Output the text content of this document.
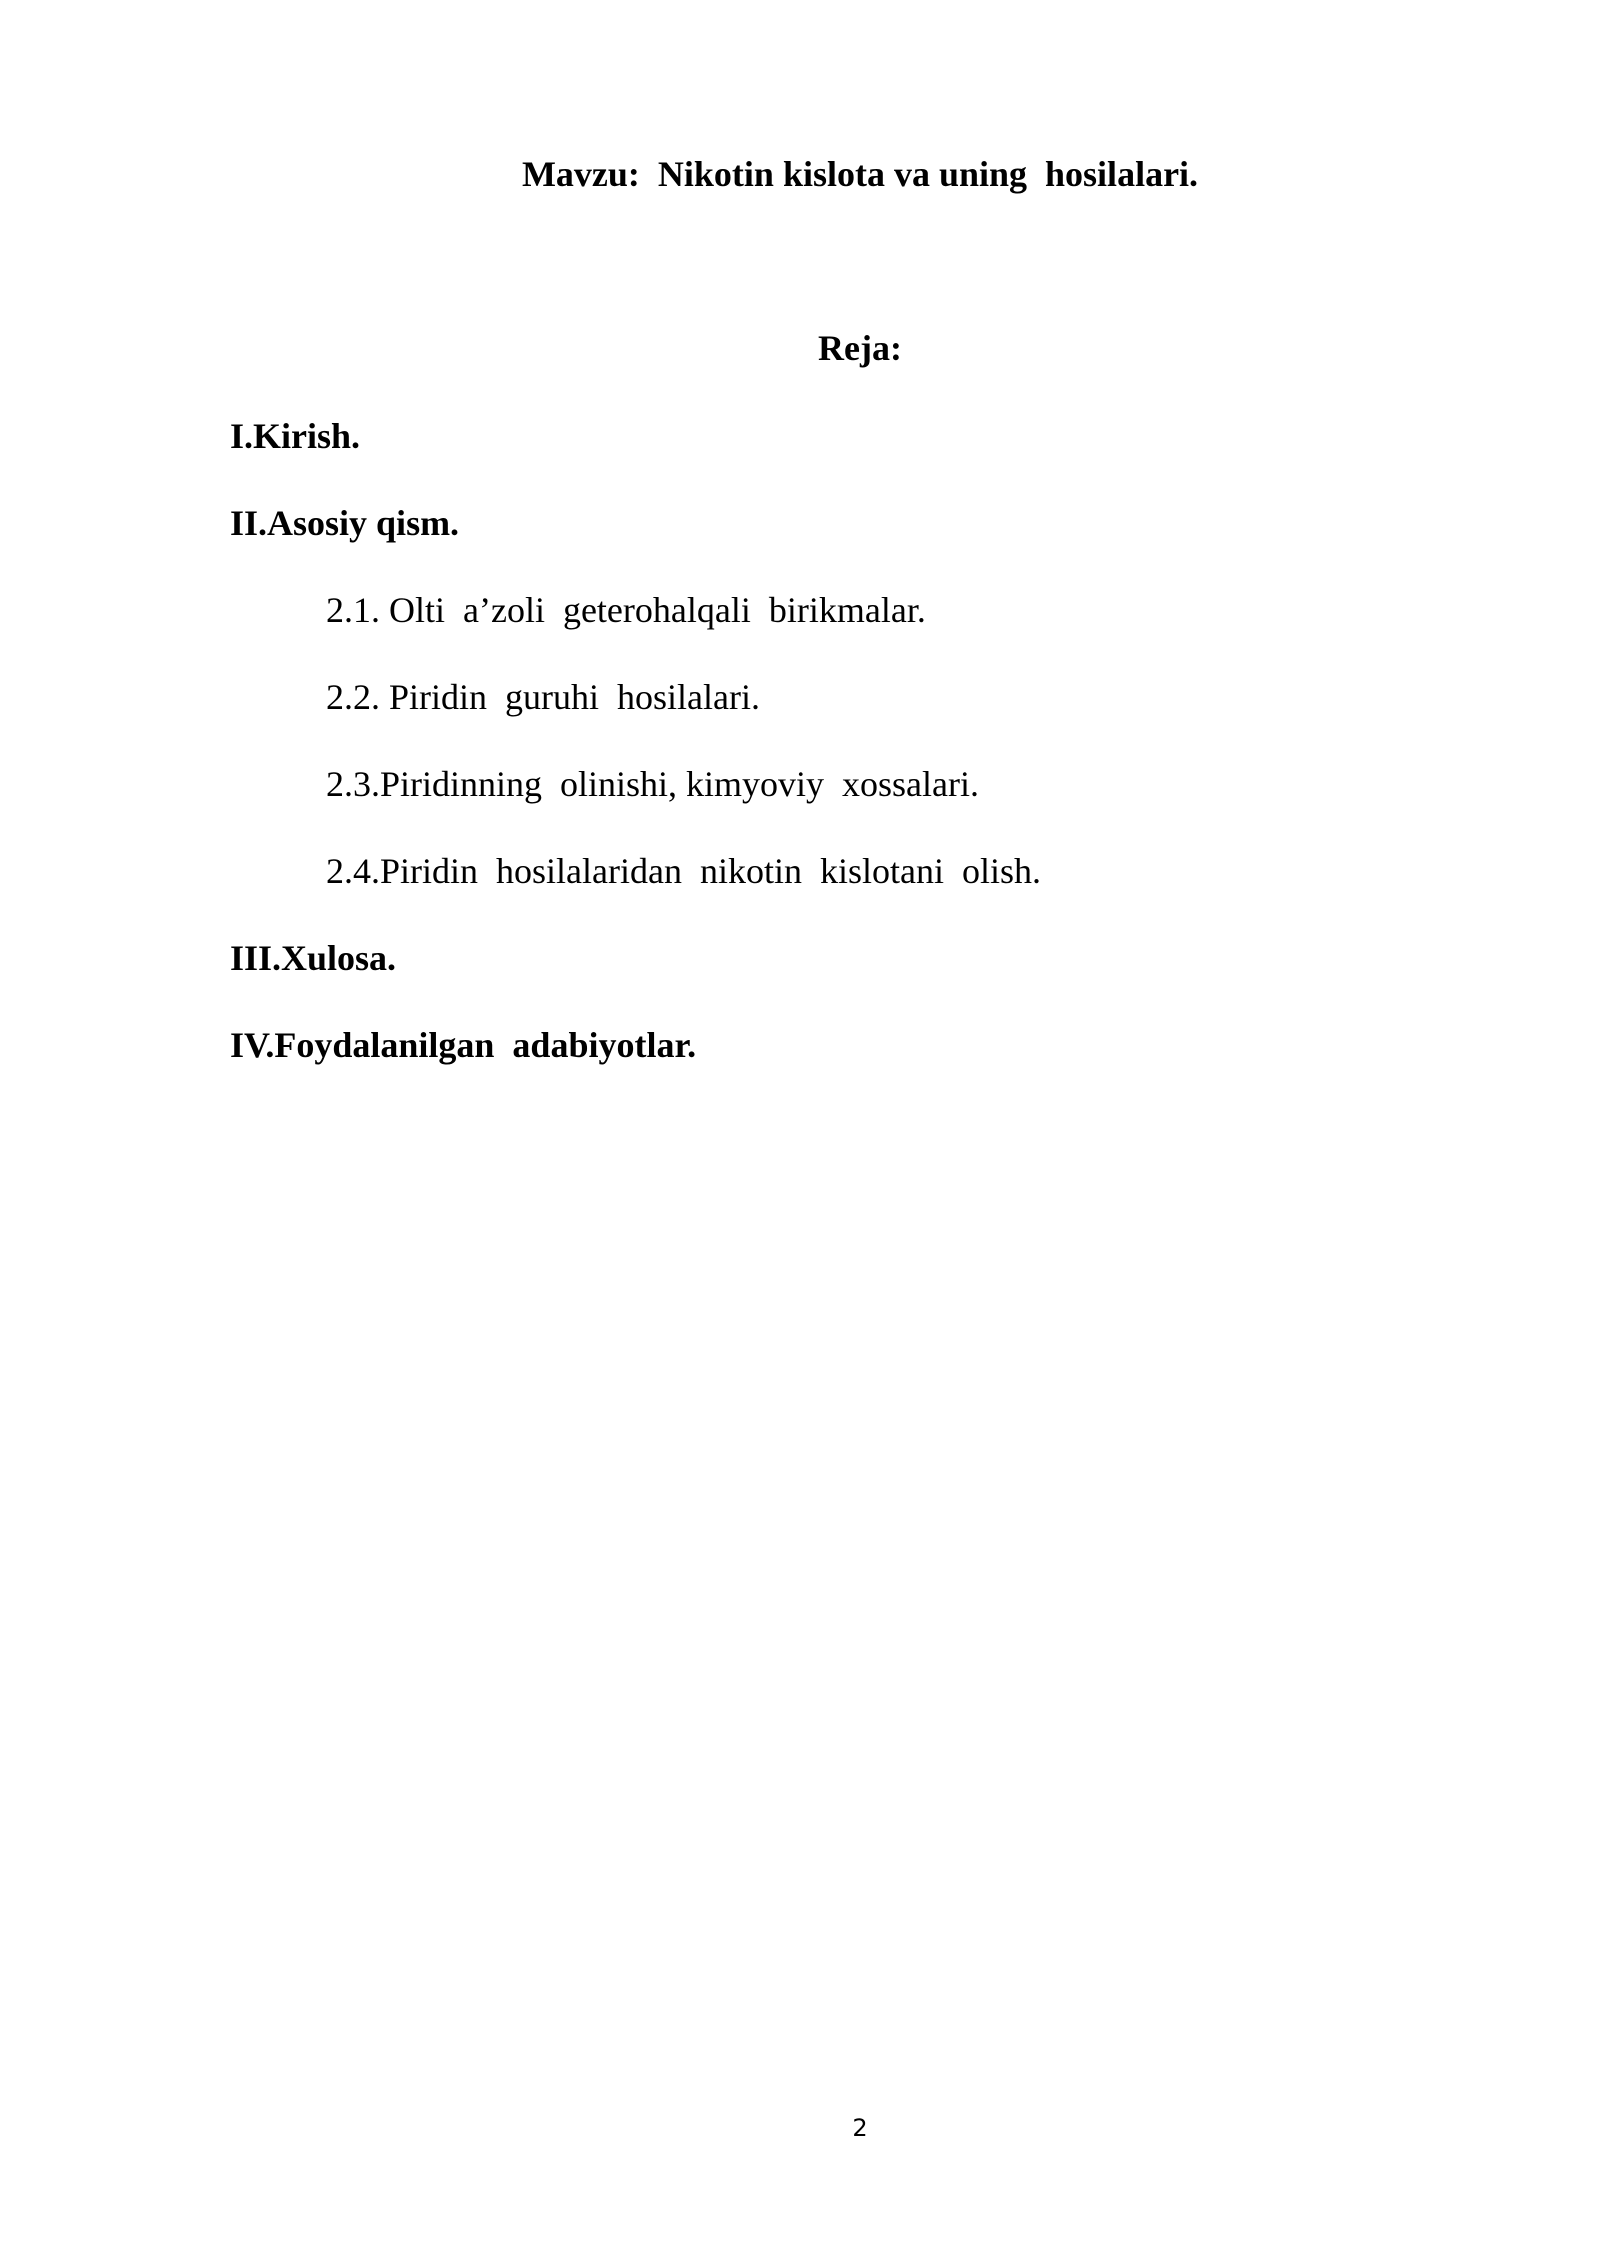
Mavzu:  Nikotin kislota va uning  hosilalari.

Reja:

I.Kirish.

II.Asosiy qism.

2.1. Olti  a’zoli  geterohalqali  birikmalar.

2.2. Piridin  guruhi  hosilalari.

2.3.Piridinning  olinishi, kimyoviy  xossalari.

2.4.Piridin  hosilalaridan  nikotin  kislotani  olish.

III.Xulosa.

IV.Foydalanilgan  adabiyotlar.

2
